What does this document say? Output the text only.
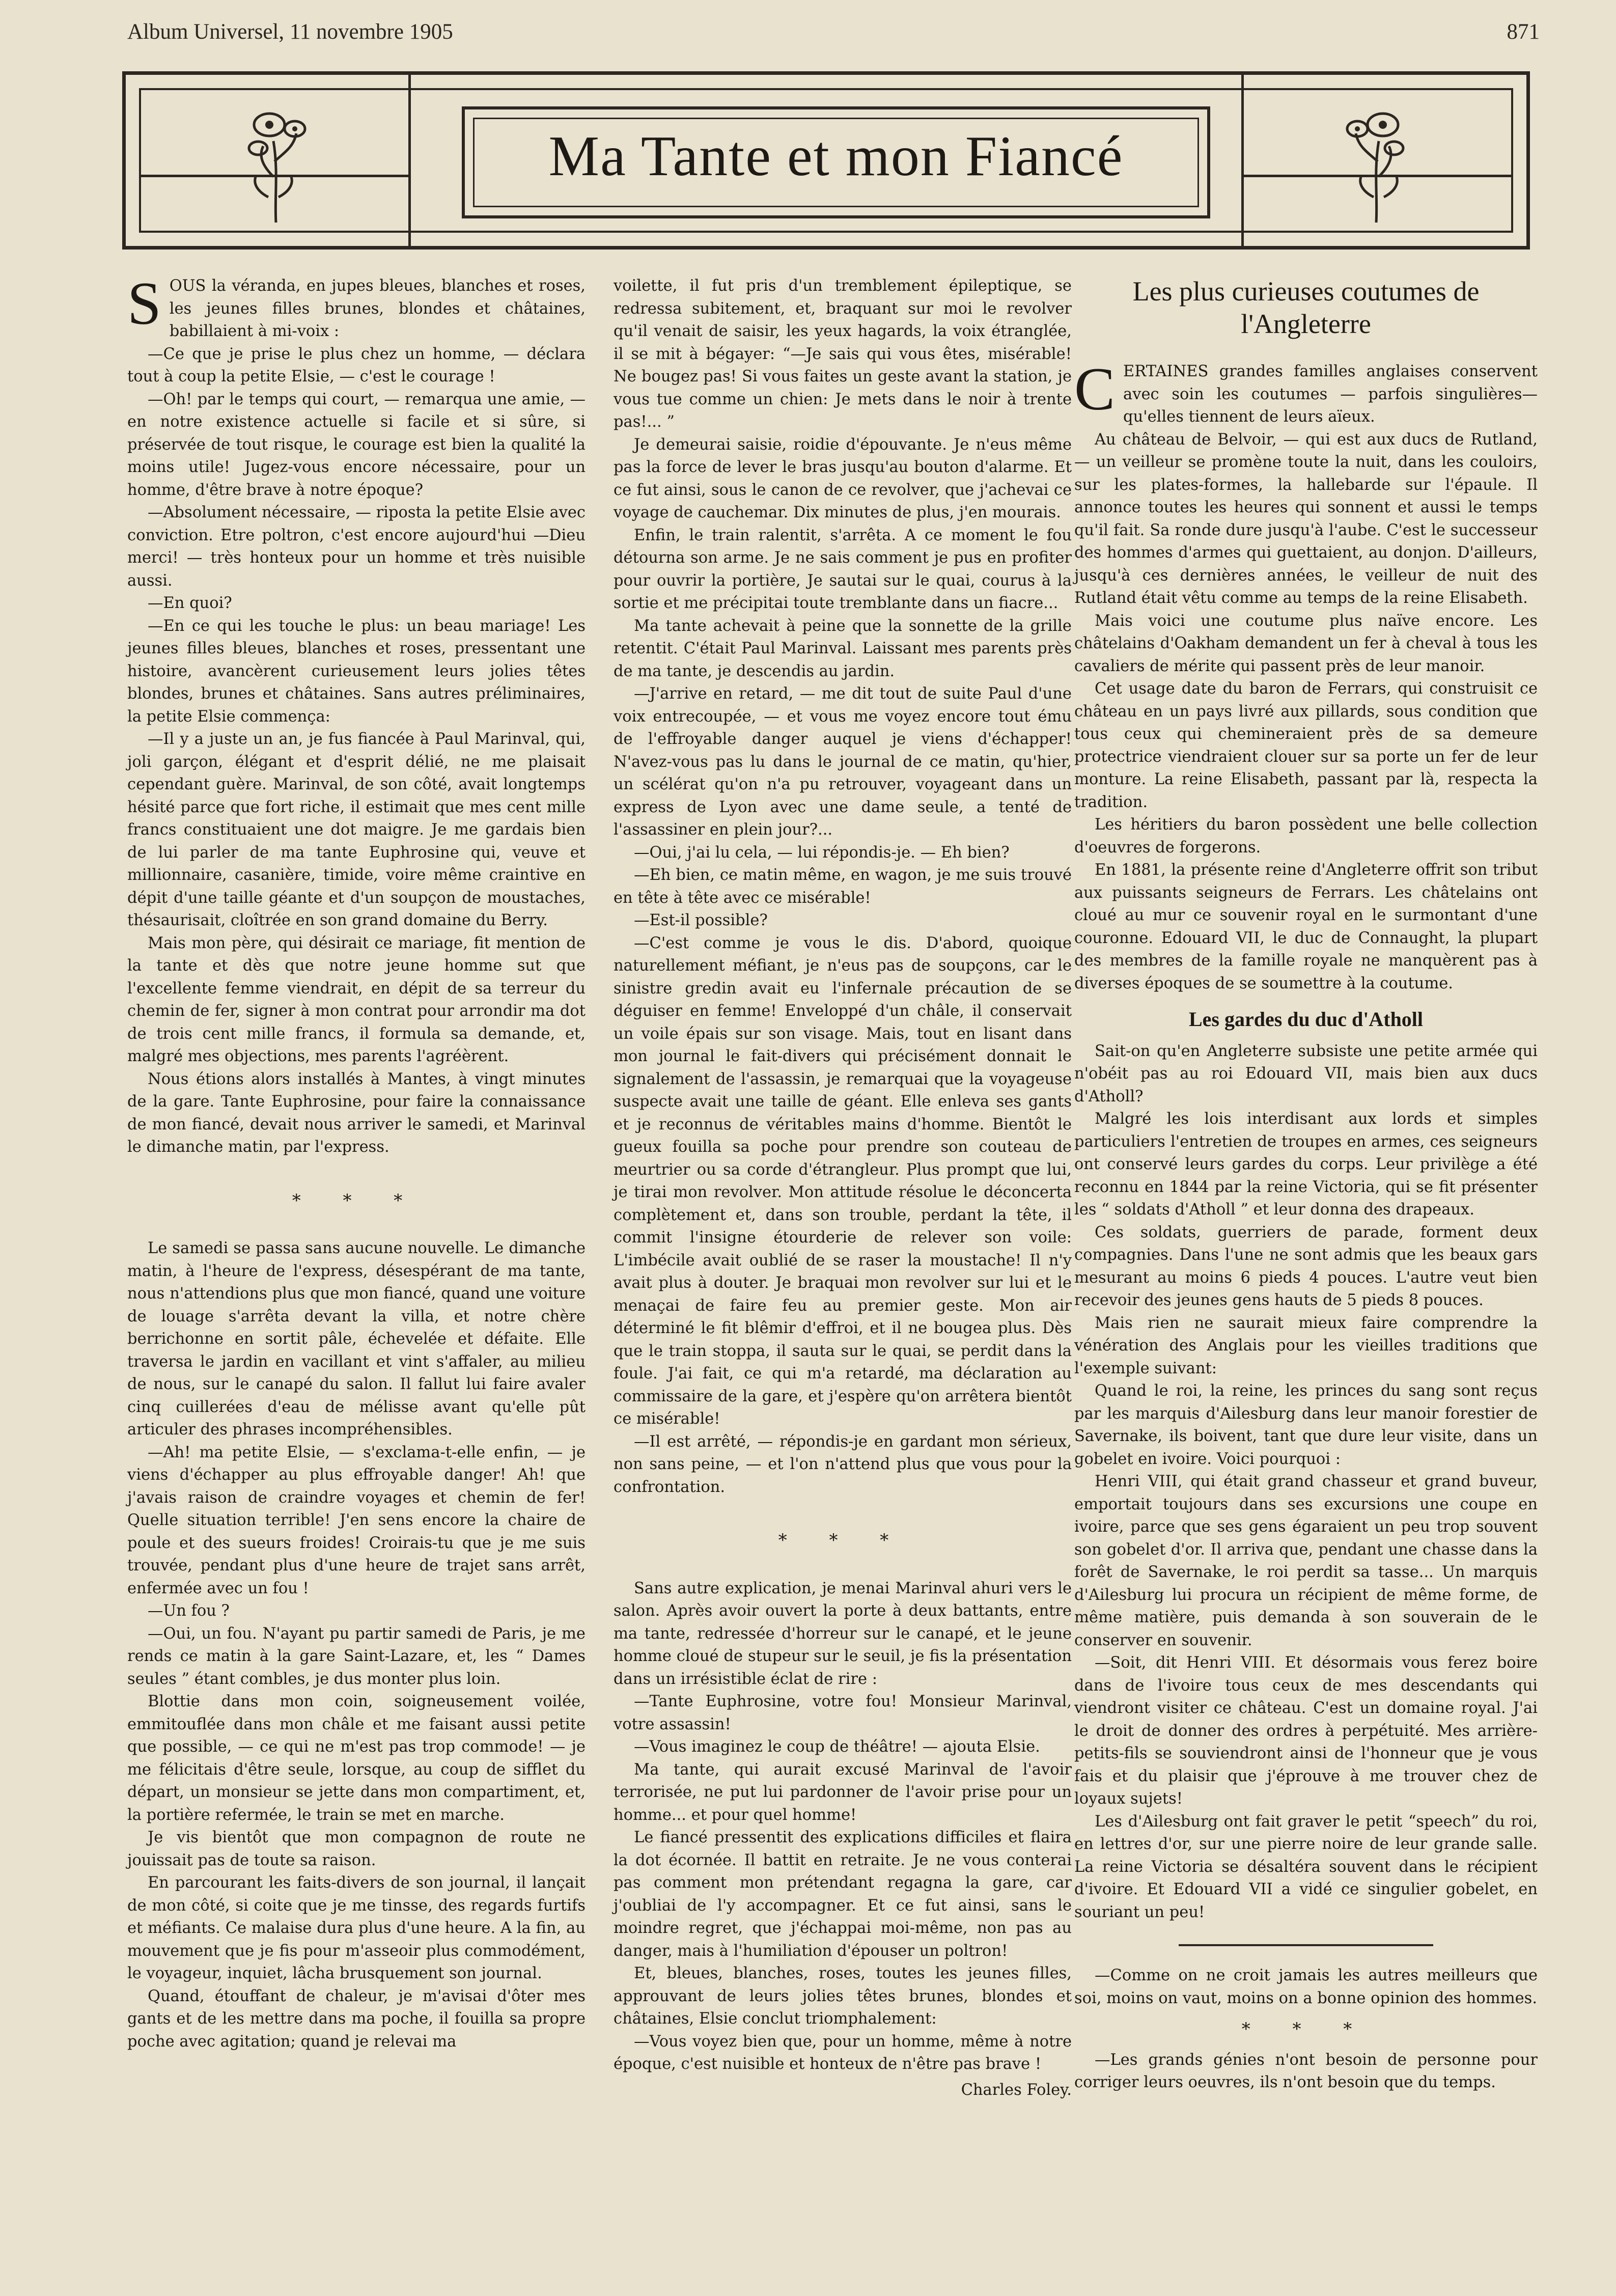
Album Universel, 11 novembre 1905	871
Ma Tante et mon Fiancé

SOUS la véranda, en jupes bleues, blanches et roses, les jeunes filles brunes, blondes et châtaines, babillaient à mi-voix :

—Ce que je prise le plus chez un homme, — déclara tout à coup la petite Elsie, — c'est le courage !

—Oh! par le temps qui court, — remarqua une amie, — en notre existence actuelle si facile et si sûre, si préservée de tout risque, le courage est bien la qualité la moins utile! Jugez-vous encore nécessaire, pour un homme, d'être brave à notre époque?

—Absolument nécessaire, — riposta la petite Elsie avec conviction. Etre poltron, c'est encore aujourd'hui —Dieu merci! — très honteux pour un homme et très nuisible aussi.

—En quoi?

—En ce qui les touche le plus: un beau mariage! Les jeunes filles bleues, blanches et roses, pressentant une histoire, avancèrent curieusement leurs jolies têtes blondes, brunes et châtaines. Sans autres préliminaires, la petite Elsie commença:

—Il y a juste un an, je fus fiancée à Paul Marinval, qui, joli garçon, élégant et d'esprit délié, ne me plaisait cependant guère. Marinval, de son côté, avait longtemps hésité parce que fort riche, il estimait que mes cent mille francs constituaient une dot maigre. Je me gardais bien de lui parler de ma tante Euphrosine qui, veuve et millionnaire, casanière, timide, voire même craintive en dépit d'une taille géante et d'un soupçon de moustaches, thésaurisait, cloîtrée en son grand domaine du Berry.

Mais mon père, qui désirait ce mariage, fit mention de la tante et dès que notre jeune homme sut que l'excellente femme viendrait, en dépit de sa terreur du chemin de fer, signer à mon contrat pour arrondir ma dot de trois cent mille francs, il formula sa demande, et, malgré mes objections, mes parents l'agréèrent.

Nous étions alors installés à Mantes, à vingt minutes de la gare. Tante Euphrosine, pour faire la connaissance de mon fiancé, devait nous arriver le samedi, et Marinval le dimanche matin, par l'express.

* * *

Le samedi se passa sans aucune nouvelle. Le dimanche matin, à l'heure de l'express, désespérant de ma tante, nous n'attendions plus que mon fiancé, quand une voiture de louage s'arrêta devant la villa, et notre chère berrichonne en sortit pâle, échevelée et défaite. Elle traversa le jardin en vacillant et vint s'affaler, au milieu de nous, sur le canapé du salon. Il fallut lui faire avaler cinq cuillerées d'eau de mélisse avant qu'elle pût articuler des phrases incompréhensibles.

—Ah! ma petite Elsie, — s'exclama-t-elle enfin, — je viens d'échapper au plus effroyable danger! Ah! que j'avais raison de craindre voyages et chemin de fer! Quelle situation terrible! J'en sens encore la chaire de poule et des sueurs froides! Croirais-tu que je me suis trouvée, pendant plus d'une heure de trajet sans arrêt, enfermée avec un fou !

—Un fou ?

—Oui, un fou. N'ayant pu partir samedi de Paris, je me rends ce matin à la gare Saint-Lazare, et, les “ Dames seules ” étant combles, je dus monter plus loin.

Blottie dans mon coin, soigneusement voilée, emmitouflée dans mon châle et me faisant aussi petite que possible, — ce qui ne m'est pas trop commode! — je me félicitais d'être seule, lorsque, au coup de sifflet du départ, un monsieur se jette dans mon compartiment, et, la portière refermée, le train se met en marche.

Je vis bientôt que mon compagnon de route ne jouissait pas de toute sa raison.

En parcourant les faits-divers de son journal, il lançait de mon côté, si coite que je me tinsse, des regards furtifs et méfiants. Ce malaise dura plus d'une heure. A la fin, au mouvement que je fis pour m'asseoir plus commodément, le voyageur, inquiet, lâcha brusquement son journal.

Quand, étouffant de chaleur, je m'avisai d'ôter mes gants et de les mettre dans ma poche, il fouilla sa propre poche avec agitation; quand je relevai ma

voilette, il fut pris d'un tremblement épileptique, se redressa subitement, et, braquant sur moi le revolver qu'il venait de saisir, les yeux hagards, la voix étranglée, il se mit à bégayer: “—Je sais qui vous êtes, misérable! Ne bougez pas! Si vous faites un geste avant la station, je vous tue comme un chien: Je mets dans le noir à trente pas!... ”

Je demeurai saisie, roidie d'épouvante. Je n'eus même pas la force de lever le bras jusqu'au bouton d'alarme. Et ce fut ainsi, sous le canon de ce revolver, que j'achevai ce voyage de cauchemar. Dix minutes de plus, j'en mourais.

Enfin, le train ralentit, s'arrêta. A ce moment le fou détourna son arme. Je ne sais comment je pus en profiter pour ouvrir la portière, Je sautai sur le quai, courus à la sortie et me précipitai toute tremblante dans un fiacre...

Ma tante achevait à peine que la sonnette de la grille retentit. C'était Paul Marinval. Laissant mes parents près de ma tante, je descendis au jardin.

—J'arrive en retard, — me dit tout de suite Paul d'une voix entrecoupée, — et vous me voyez encore tout ému de l'effroyable danger auquel je viens d'échapper! N'avez-vous pas lu dans le journal de ce matin, qu'hier, un scélérat qu'on n'a pu retrouver, voyageant dans un express de Lyon avec une dame seule, a tenté de l'assassiner en plein jour?...

—Oui, j'ai lu cela, — lui répondis-je. — Eh bien?

—Eh bien, ce matin même, en wagon, je me suis trouvé en tête à tête avec ce misérable!

—Est-il possible?

—C'est comme je vous le dis. D'abord, quoique naturellement méfiant, je n'eus pas de soupçons, car le sinistre gredin avait eu l'infernale précaution de se déguiser en femme! Enveloppé d'un châle, il conservait un voile épais sur son visage. Mais, tout en lisant dans mon journal le fait-divers qui précisément donnait le signalement de l'assassin, je remarquai que la voyageuse suspecte avait une taille de géant. Elle enleva ses gants et je reconnus de véritables mains d'homme. Bientôt le gueux fouilla sa poche pour prendre son couteau de meurtrier ou sa corde d'étrangleur. Plus prompt que lui, je tirai mon revolver. Mon attitude résolue le déconcerta complètement et, dans son trouble, perdant la tête, il commit l'insigne étourderie de relever son voile: L'imbécile avait oublié de se raser la moustache! Il n'y avait plus à douter. Je braquai mon revolver sur lui et le menaçai de faire feu au premier geste. Mon air déterminé le fit blêmir d'effroi, et il ne bougea plus. Dès que le train stoppa, il sauta sur le quai, se perdit dans la foule. J'ai fait, ce qui m'a retardé, ma déclaration au commissaire de la gare, et j'espère qu'on arrêtera bientôt ce misérable!

—Il est arrêté, — répondis-je en gardant mon sérieux, non sans peine, — et l'on n'attend plus que vous pour la confrontation.

* * *

Sans autre explication, je menai Marinval ahuri vers le salon. Après avoir ouvert la porte à deux battants, entre ma tante, redressée d'horreur sur le canapé, et le jeune homme cloué de stupeur sur le seuil, je fis la présentation dans un irrésistible éclat de rire :

—Tante Euphrosine, votre fou! Monsieur Marinval, votre assassin!

—Vous imaginez le coup de théâtre! — ajouta Elsie.

Ma tante, qui aurait excusé Marinval de l'avoir terrorisée, ne put lui pardonner de l'avoir prise pour un homme... et pour quel homme!

Le fiancé pressentit des explications difficiles et flaira la dot écornée. Il battit en retraite. Je ne vous conterai pas comment mon prétendant regagna la gare, car j'oubliai de l'y accompagner. Et ce fut ainsi, sans le moindre regret, que j'échappai moi-même, non pas au danger, mais à l'humiliation d'épouser un poltron!

Et, bleues, blanches, roses, toutes les jeunes filles, approuvant de leurs jolies têtes brunes, blondes et châtaines, Elsie conclut triomphalement:

—Vous voyez bien que, pour un homme, même à notre époque, c'est nuisible et honteux de n'être pas brave !

Charles Foley.
Les plus curieuses coutumes de l'Angleterre

CERTAINES grandes familles anglaises conservent avec soin les coutumes — parfois singulières—qu'elles tiennent de leurs aïeux.

Au château de Belvoir, — qui est aux ducs de Rutland, — un veilleur se promène toute la nuit, dans les couloirs, sur les plates-formes, la hallebarde sur l'épaule. Il annonce toutes les heures qui sonnent et aussi le temps qu'il fait. Sa ronde dure jusqu'à l'aube. C'est le successeur des hommes d'armes qui guettaient, au donjon. D'ailleurs, jusqu'à ces dernières années, le veilleur de nuit des Rutland était vêtu comme au temps de la reine Elisabeth.

Mais voici une coutume plus naïve encore. Les châtelains d'Oakham demandent un fer à cheval à tous les cavaliers de mérite qui passent près de leur manoir.

Cet usage date du baron de Ferrars, qui construisit ce château en un pays livré aux pillards, sous condition que tous ceux qui chemineraient près de sa demeure protectrice viendraient clouer sur sa porte un fer de leur monture. La reine Elisabeth, passant par là, respecta la tradition.

Les héritiers du baron possèdent une belle collection d'oeuvres de forgerons.

En 1881, la présente reine d'Angleterre offrit son tribut aux puissants seigneurs de Ferrars. Les châtelains ont cloué au mur ce souvenir royal en le surmontant d'une couronne. Edouard VII, le duc de Connaught, la plupart des membres de la famille royale ne manquèrent pas à diverses époques de se soumettre à la coutume.

Les gardes du duc d'Atholl

Sait-on qu'en Angleterre subsiste une petite armée qui n'obéit pas au roi Edouard VII, mais bien aux ducs d'Atholl?

Malgré les lois interdisant aux lords et simples particuliers l'entretien de troupes en armes, ces seigneurs ont conservé leurs gardes du corps. Leur privilège a été reconnu en 1844 par la reine Victoria, qui se fit présenter les “ soldats d'Atholl ” et leur donna des drapeaux.

Ces soldats, guerriers de parade, forment deux compagnies. Dans l'une ne sont admis que les beaux gars mesurant au moins 6 pieds 4 pouces. L'autre veut bien recevoir des jeunes gens hauts de 5 pieds 8 pouces.

Mais rien ne saurait mieux faire comprendre la vénération des Anglais pour les vieilles traditions que l'exemple suivant:

Quand le roi, la reine, les princes du sang sont reçus par les marquis d'Ailesburg dans leur manoir forestier de Savernake, ils boivent, tant que dure leur visite, dans un gobelet en ivoire. Voici pourquoi :

Henri VIII, qui était grand chasseur et grand buveur, emportait toujours dans ses excursions une coupe en ivoire, parce que ses gens égaraient un peu trop souvent son gobelet d'or. Il arriva que, pendant une chasse dans la forêt de Savernake, le roi perdit sa tasse... Un marquis d'Ailesburg lui procura un récipient de même forme, de même matière, puis demanda à son souverain de le conserver en souvenir.

—Soit, dit Henri VIII. Et désormais vous ferez boire dans de l'ivoire tous ceux de mes descendants qui viendront visiter ce château. C'est un domaine royal. J'ai le droit de donner des ordres à perpétuité. Mes arrière-petits-fils se souviendront ainsi de l'honneur que je vous fais et du plaisir que j'éprouve à me trouver chez de loyaux sujets!

Les d'Ailesburg ont fait graver le petit “speech” du roi, en lettres d'or, sur une pierre noire de leur grande salle. La reine Victoria se désaltéra souvent dans le récipient d'ivoire. Et Edouard VII a vidé ce singulier gobelet, en souriant un peu!

—Comme on ne croit jamais les autres meilleurs que soi, moins on vaut, moins on a bonne opinion des hommes.

* * *

—Les grands génies n'ont besoin de personne pour corriger leurs oeuvres, ils n'ont besoin que du temps.
